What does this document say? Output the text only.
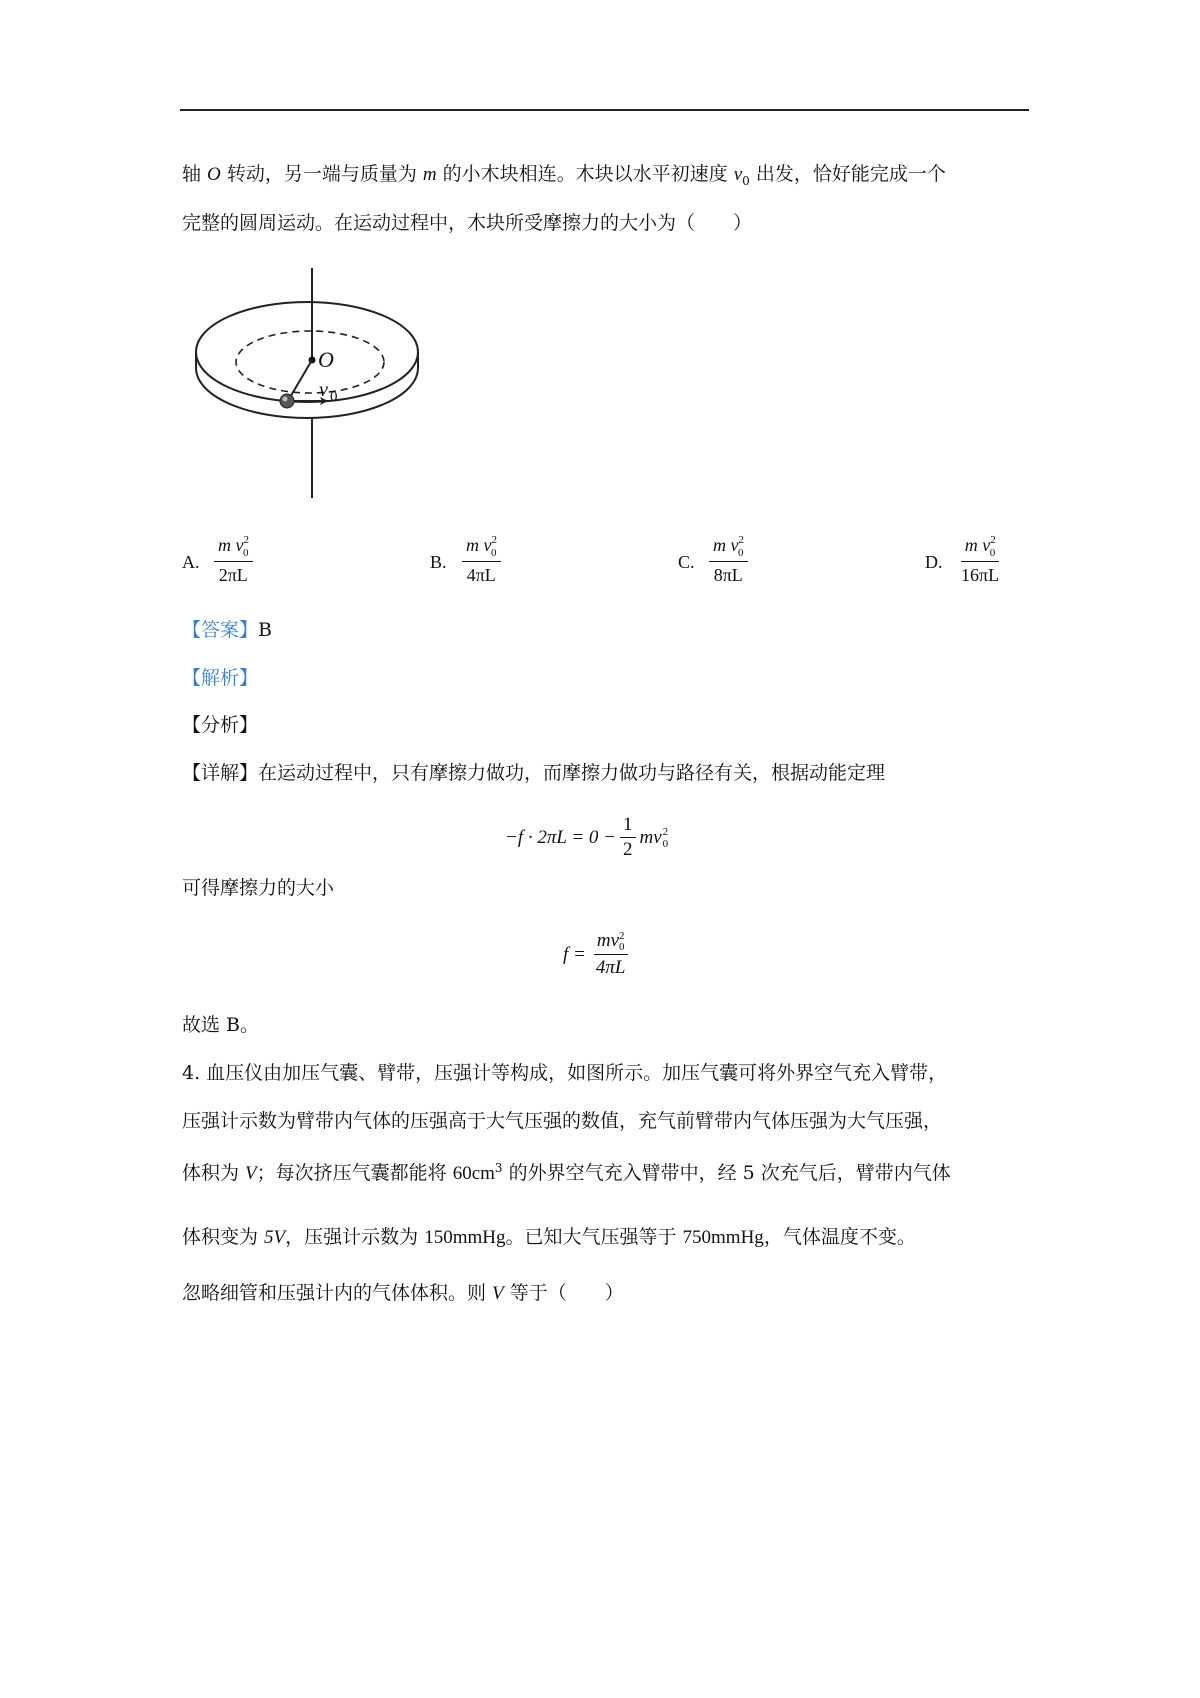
轴 O 转动，另一端与质量为 m 的小木块相连。木块以水平初速度 $v_0$ 出发，恰好能完成一个
完整的圆周运动。在运动过程中，木块所受摩擦力的大小为（　　）
O
v 0
A. $\frac{m v^2_0}{2\pi L}$	B. $\frac{m v^2_0}{4\pi L}$	C. $\frac{m v^2_0}{8\pi L}$	D. $\frac{m v^2_0}{16\pi L}$
【答案】B
【解析】
【分析】
【详解】在运动过程中，只有摩擦力做功，而摩擦力做功与路径有关，根据动能定理
$-f \cdot 2\pi L = 0 - \frac{1}{2}$ mv 2
0
可得摩擦力的大小
f = mv 2
0
4πL
故选 B。
4. 血压仪由加压气囊、臂带，压强计等构成，如图所示。加压气囊可将外界空气充入臂带，
压强计示数为臂带内气体的压强高于大气压强的数值，充气前臂带内气体压强为大气压强，
体积为 V；每次挤压气囊都能将 $60cm^3$ 的外界空气充入臂带中，经 5 次充气后，臂带内气体
体积变为 5V，压强计示数为 150mmHg。已知大气压强等于 750mmHg，气体温度不变。
忽略细管和压强计内的气体体积。则 V 等于（　　）
